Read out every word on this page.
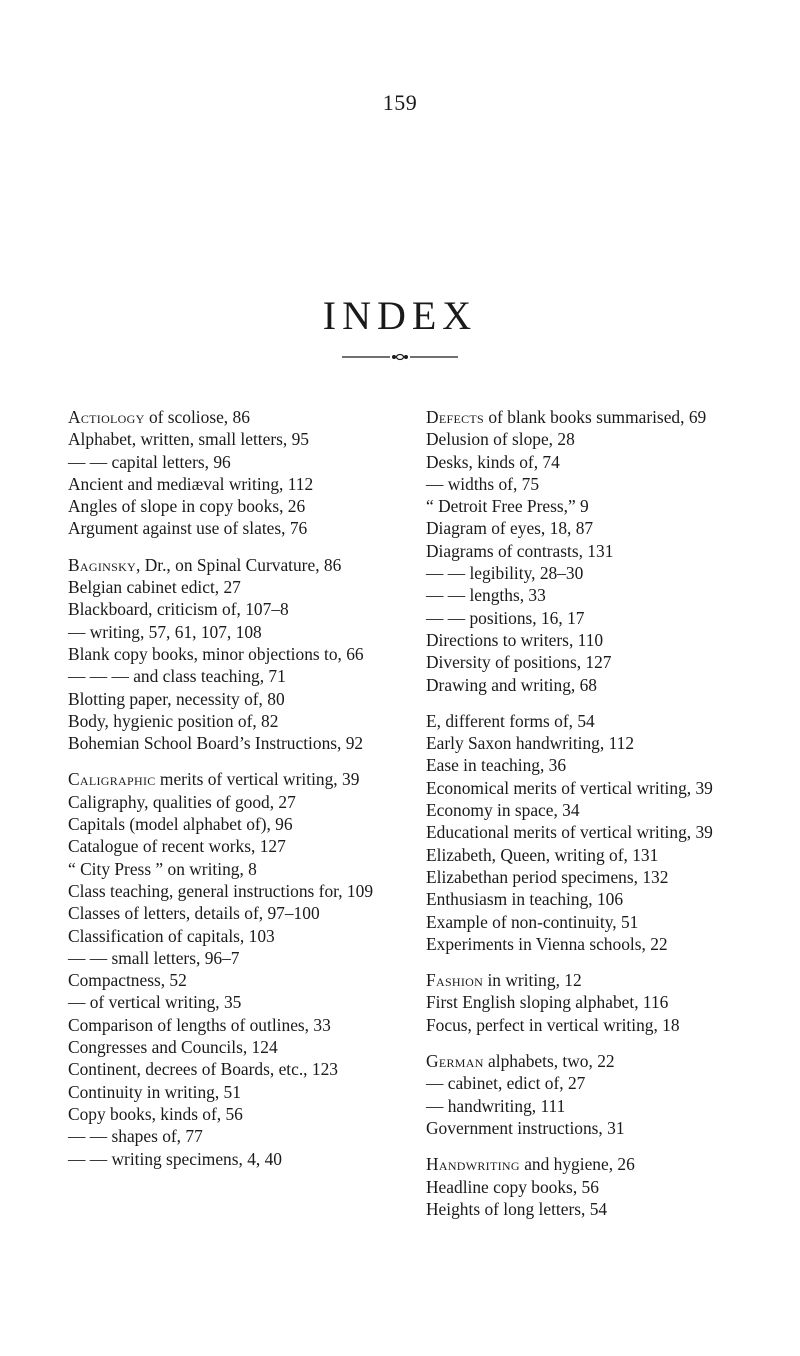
159
INDEX
Actiology of scoliose, 86
Alphabet, written, small letters, 95
— — capital letters, 96
Ancient and mediæval writing, 112
Angles of slope in copy books, 26
Argument against use of slates, 76
Baginsky, Dr., on Spinal Curvature, 86
Belgian cabinet edict, 27
Blackboard, criticism of, 107–8
— writing, 57, 61, 107, 108
Blank copy books, minor objections to, 66
— — — and class teaching, 71
Blotting paper, necessity of, 80
Body, hygienic position of, 82
Bohemian School Board’s Instructions, 92
Caligraphic merits of vertical writing, 39
Caligraphy, qualities of good, 27
Capitals (model alphabet of), 96
Catalogue of recent works, 127
“ City Press ” on writing, 8
Class teaching, general instructions for, 109
Classes of letters, details of, 97–100
Classification of capitals, 103
— — small letters, 96–7
Compactness, 52
— of vertical writing, 35
Comparison of lengths of outlines, 33
Congresses and Councils, 124
Continent, decrees of Boards, etc., 123
Continuity in writing, 51
Copy books, kinds of, 56
— — shapes of, 77
— — writing specimens, 4, 40
Defects of blank books summarised, 69
Delusion of slope, 28
Desks, kinds of, 74
— widths of, 75
“ Detroit Free Press,” 9
Diagram of eyes, 18, 87
Diagrams of contrasts, 131
— — legibility, 28–30
— — lengths, 33
— — positions, 16, 17
Directions to writers, 110
Diversity of positions, 127
Drawing and writing, 68
E, different forms of, 54
Early Saxon handwriting, 112
Ease in teaching, 36
Economical merits of vertical writing, 39
Economy in space, 34
Educational merits of vertical writing, 39
Elizabeth, Queen, writing of, 131
Elizabethan period specimens, 132
Enthusiasm in teaching, 106
Example of non-continuity, 51
Experiments in Vienna schools, 22
Fashion in writing, 12
First English sloping alphabet, 116
Focus, perfect in vertical writing, 18
German alphabets, two, 22
— cabinet, edict of, 27
— handwriting, 111
Government instructions, 31
Handwriting and hygiene, 26
Headline copy books, 56
Heights of long letters, 54
